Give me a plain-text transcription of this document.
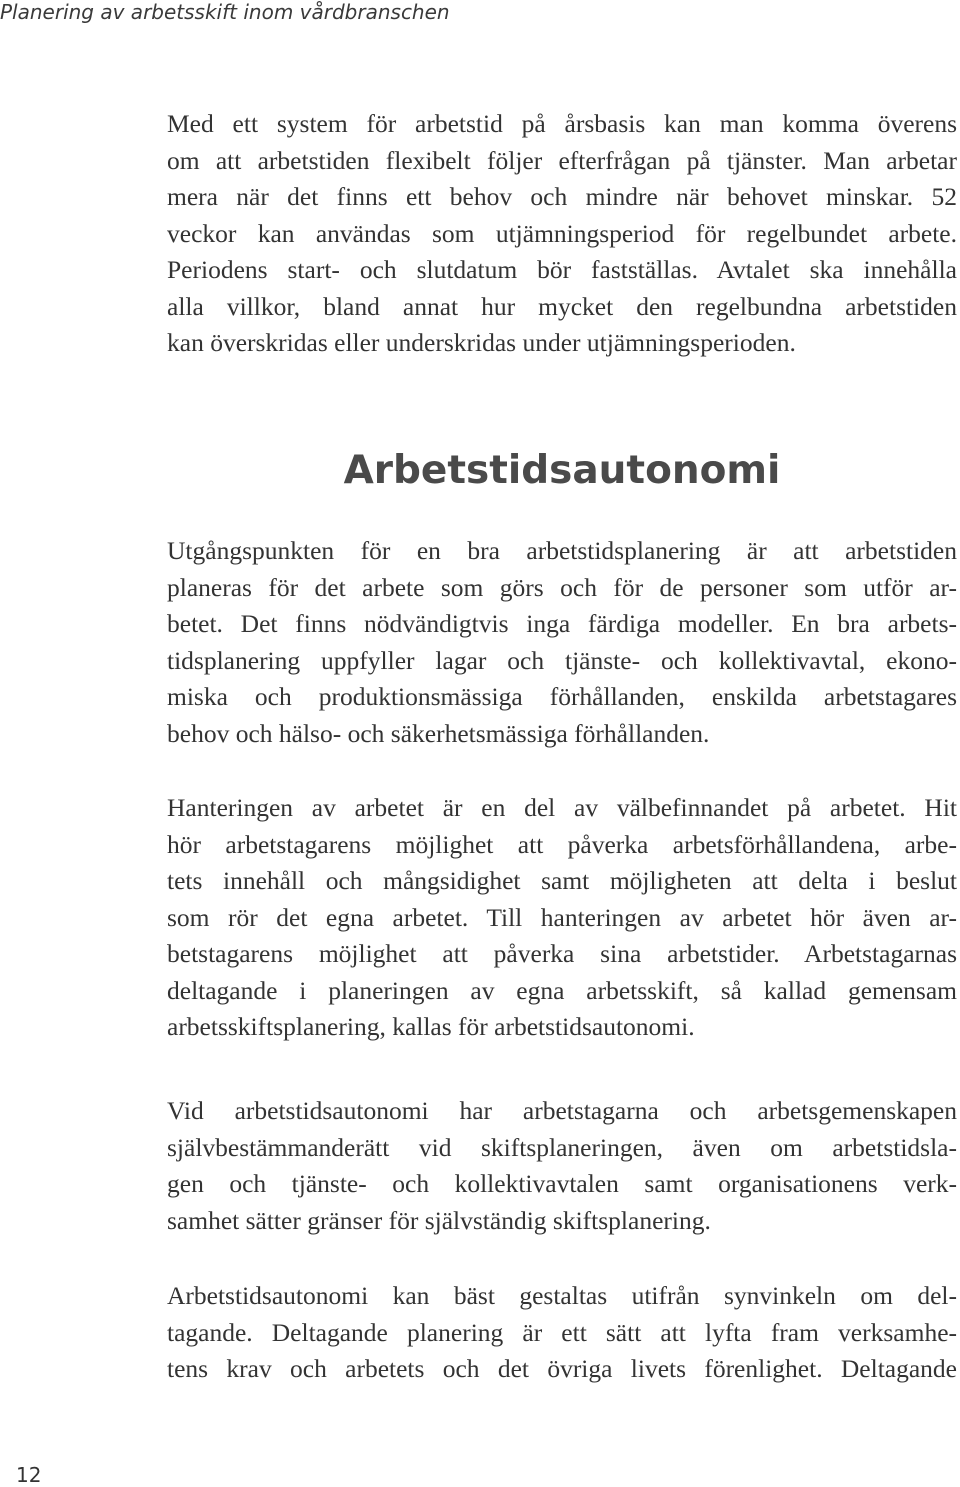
Planering av arbetsskift inom vårdbranschen

Med ett system för arbetstid på årsbasis kan man komma överens
om att arbetstiden flexibelt följer efterfrågan på tjänster. Man arbetar
mera när det finns ett behov och mindre när behovet minskar. 52
veckor kan användas som utjämningsperiod för regelbundet arbete.
Periodens start- och slutdatum bör fastställas. Avtalet ska innehålla
alla villkor, bland annat hur mycket den regelbundna arbetstiden
kan överskridas eller underskridas under utjämningsperioden.

Arbetstidsautonomi

Utgångspunkten för en bra arbetstidsplanering är att arbetstiden
planeras för det arbete som görs och för de personer som utför ar-
betet. Det finns nödvändigtvis inga färdiga modeller. En bra arbets-
tidsplanering uppfyller lagar och tjänste- och kollektivavtal, ekono-
miska och produktionsmässiga förhållanden, enskilda arbetstagares
behov och hälso- och säkerhetsmässiga förhållanden.

Hanteringen av arbetet är en del av välbefinnandet på arbetet. Hit
hör arbetstagarens möjlighet att påverka arbetsförhållandena, arbe-
tets innehåll och mångsidighet samt möjligheten att delta i beslut
som rör det egna arbetet. Till hanteringen av arbetet hör även ar-
betstagarens möjlighet att påverka sina arbetstider. Arbetstagarnas
deltagande i planeringen av egna arbetsskift, så kallad gemensam
arbetsskiftsplanering, kallas för arbetstidsautonomi.

Vid arbetstidsautonomi har arbetstagarna och arbetsgemenskapen
självbestämmanderätt vid skiftsplaneringen, även om arbetstidsla-
gen och tjänste- och kollektivavtalen samt organisationens verk-
samhet sätter gränser för självständig skiftsplanering.

Arbetstidsautonomi kan bäst gestaltas utifrån synvinkeln om del-
tagande. Deltagande planering är ett sätt att lyfta fram verksamhe-
tens krav och arbetets och det övriga livets förenlighet. Deltagande

12
